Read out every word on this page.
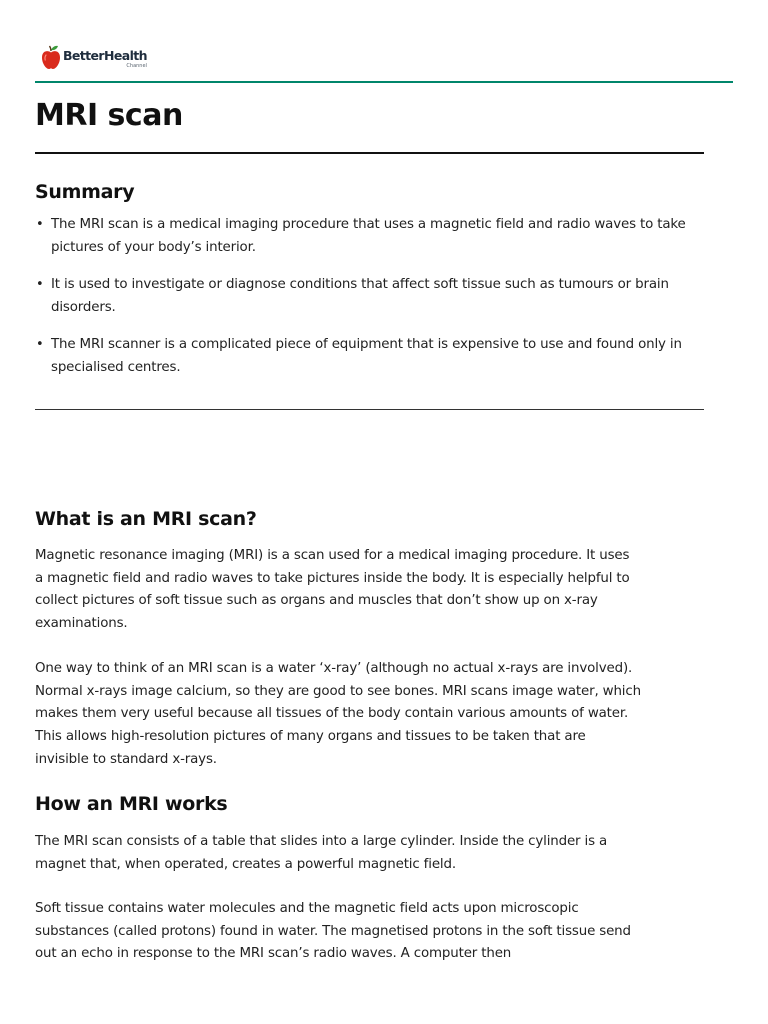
BetterHealth
Channel
MRI scan
Summary
• The MRI scan is a medical imaging procedure that uses a magnetic field and radio waves to take pictures of your body’s interior.
• It is used to investigate or diagnose conditions that affect soft tissue such as tumours or brain disorders.
• The MRI scanner is a complicated piece of equipment that is expensive to use and found only in specialised centres.
What is an MRI scan?

Magnetic resonance imaging (MRI) is a scan used for a medical imaging procedure. It uses a magnetic field and radio waves to take pictures inside the body. It is especially helpful to collect pictures of soft tissue such as organs and muscles that don’t show up on x-ray examinations.

One way to think of an MRI scan is a water ‘x-ray’ (although no actual x-rays are involved). Normal x-rays image calcium, so they are good to see bones. MRI scans image water, which makes them very useful because all tissues of the body contain various amounts of water. This allows high-resolution pictures of many organs and tissues to be taken that are invisible to standard x-rays.

How an MRI works

The MRI scan consists of a table that slides into a large cylinder. Inside the cylinder is a magnet that, when operated, creates a powerful magnetic field.

Soft tissue contains water molecules and the magnetic field acts upon microscopic substances (called protons) found in water. The magnetised protons in the soft tissue send out an echo in response to the MRI scan’s radio waves. A computer then
